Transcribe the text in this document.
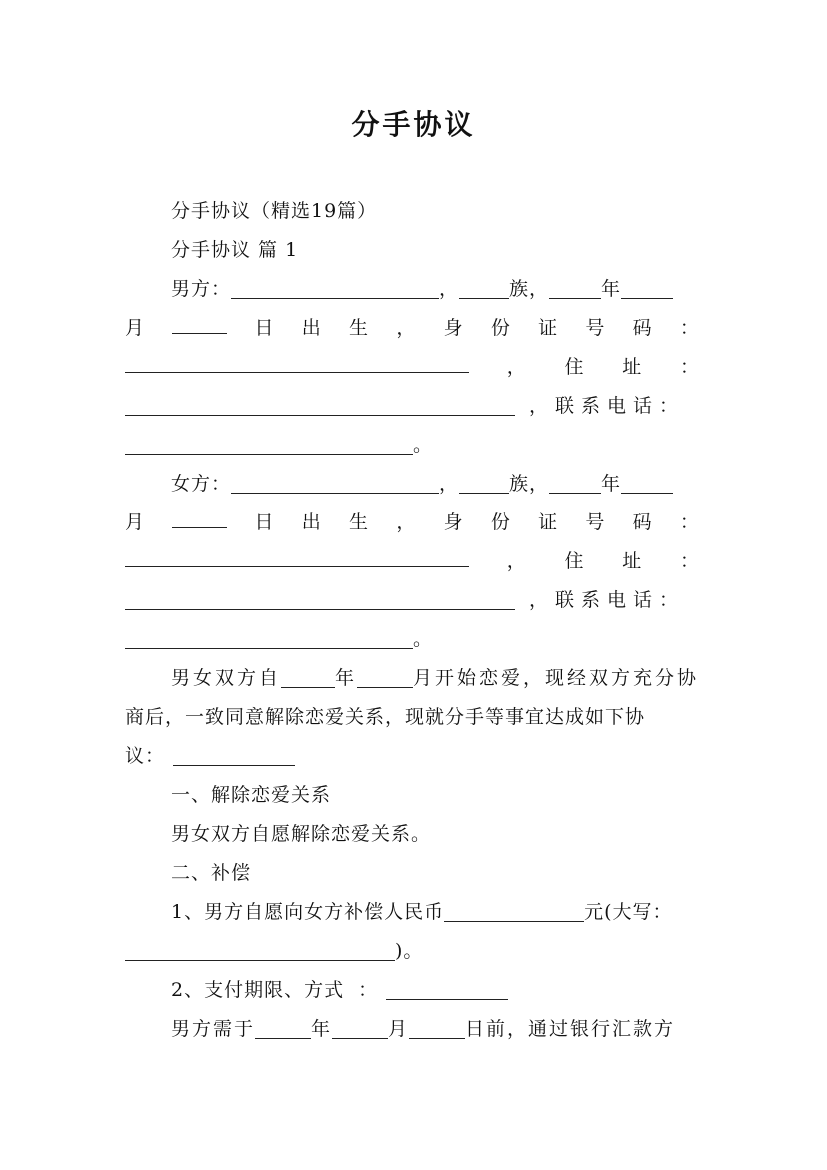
分手协议
分手协议（精选19篇）
分手协议 篇 1
男方：	，	族，	年
月	日 出 生 ， 身 份 证 号 码 ：
， 住 址 ：
，联系电话：
。
女方：	，	族，	年
月	日 出 生 ， 身 份 证 号 码 ：
， 住 址 ：
，联系电话：
。
男女双方自	年	月开始恋爱，现经双方充分协
商后，一致同意解除恋爱关系，现就分手等事宜达成如下协
议：
一、解除恋爱关系
男女双方自愿解除恋爱关系。
二、补偿
1、男方自愿向女方补偿人民币	元(大写：
)。
2、支付期限、方式 ：
男方需于	年	月	日前，通过银行汇款方
